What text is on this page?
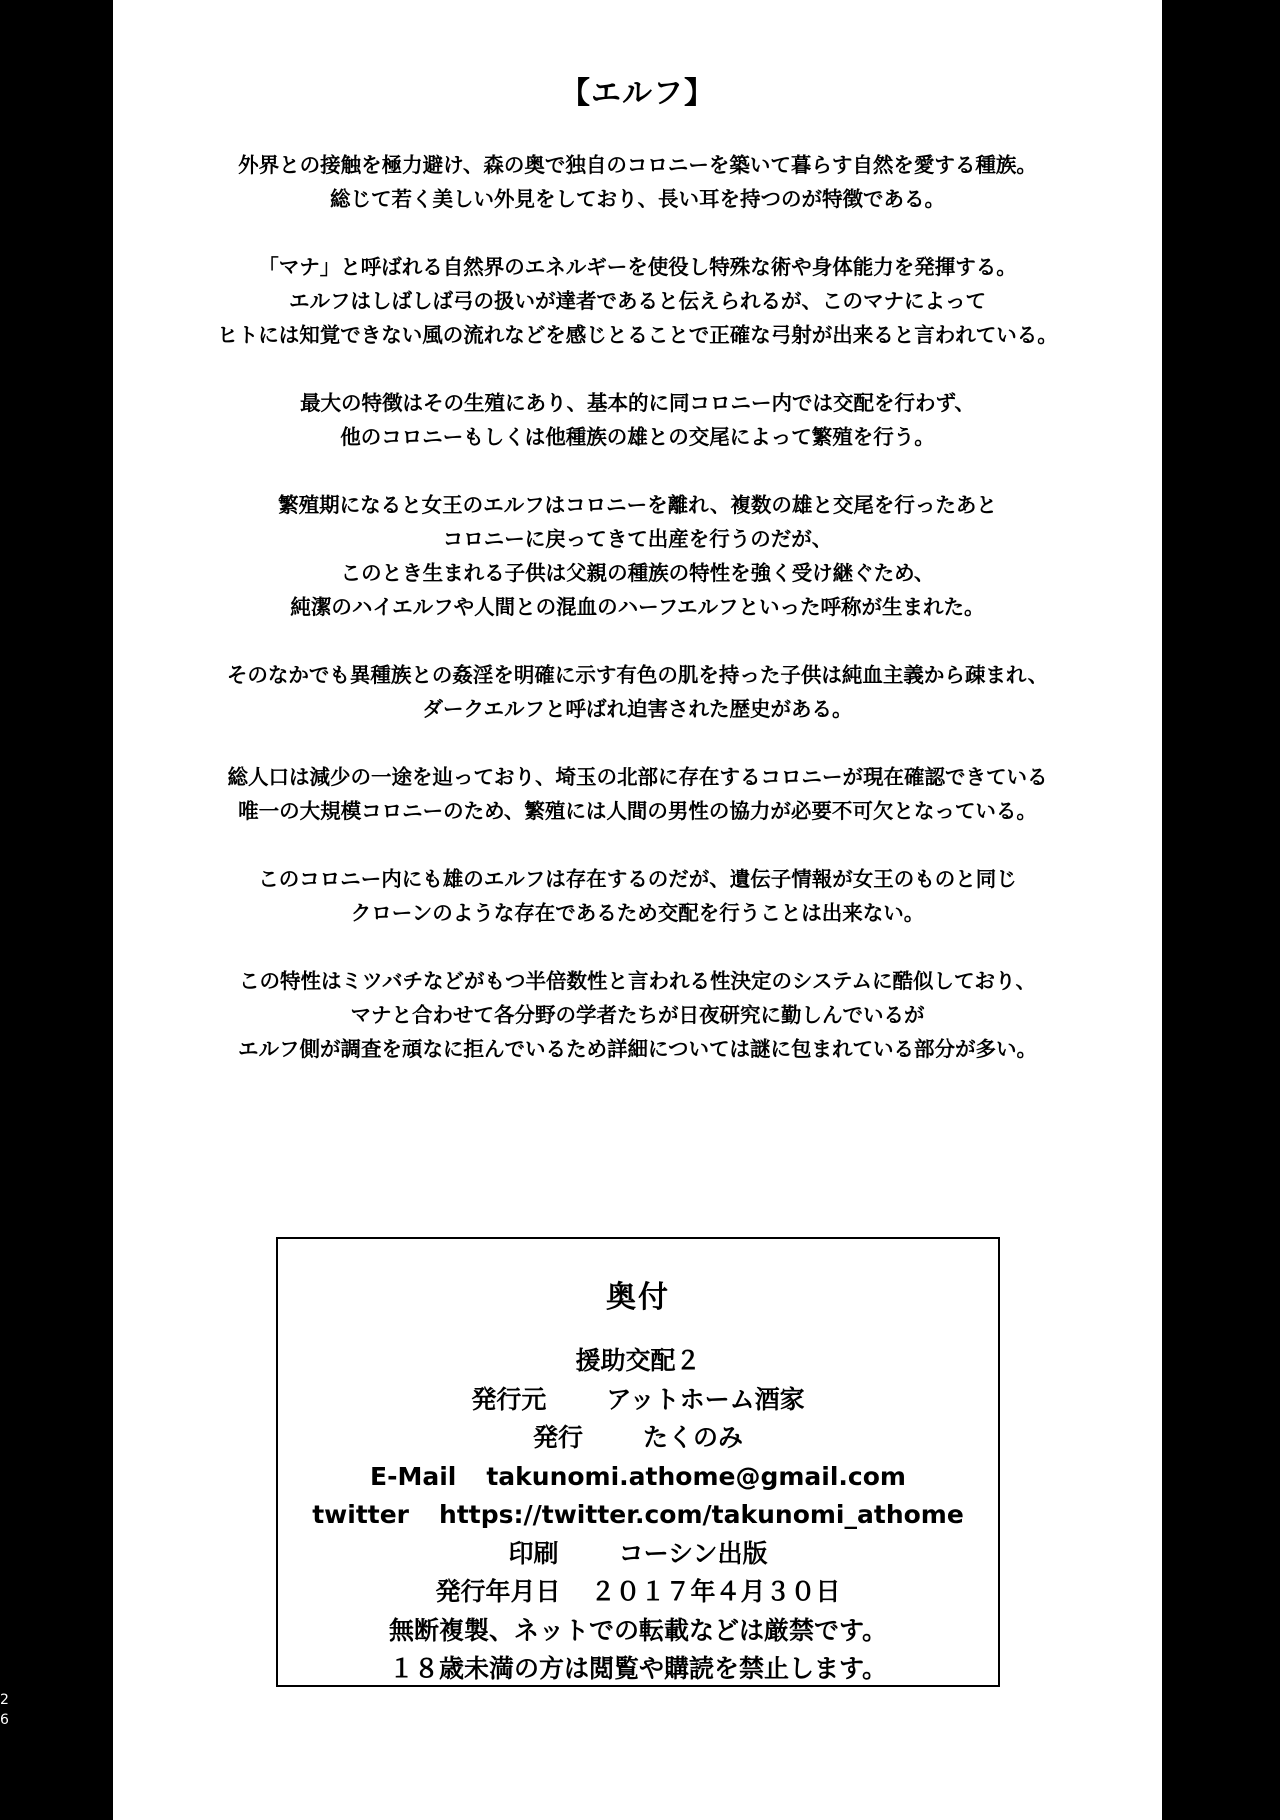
【エルフ】
外界との接触を極力避け、森の奥で独自のコロニーを築いて暮らす自然を愛する種族。
総じて若く美しい外見をしており、長い耳を持つのが特徴である。
「マナ」と呼ばれる自然界のエネルギーを使役し特殊な術や身体能力を発揮する。
エルフはしばしば弓の扱いが達者であると伝えられるが、このマナによって
ヒトには知覚できない風の流れなどを感じとることで正確な弓射が出来ると言われている。
最大の特徴はその生殖にあり、基本的に同コロニー内では交配を行わず、
他のコロニーもしくは他種族の雄との交尾によって繁殖を行う。
繁殖期になると女王のエルフはコロニーを離れ、複数の雄と交尾を行ったあと
コロニーに戻ってきて出産を行うのだが、
このとき生まれる子供は父親の種族の特性を強く受け継ぐため、
純潔のハイエルフや人間との混血のハーフエルフといった呼称が生まれた。
そのなかでも異種族との姦淫を明確に示す有色の肌を持った子供は純血主義から疎まれ、
ダークエルフと呼ばれ迫害された歴史がある。
総人口は減少の一途を辿っており、埼玉の北部に存在するコロニーが現在確認できている
唯一の大規模コロニーのため、繁殖には人間の男性の協力が必要不可欠となっている。
このコロニー内にも雄のエルフは存在するのだが、遺伝子情報が女王のものと同じ
クローンのような存在であるため交配を行うことは出来ない。
この特性はミツバチなどがもつ半倍数性と言われる性決定のシステムに酷似しており、
マナと合わせて各分野の学者たちが日夜研究に勤しんでいるが
エルフ側が調査を頑なに拒んでいるため詳細については謎に包まれている部分が多い。
奥付
援助交配２
発行元 アットホーム酒家
発行 たくのみ
E-Mail takunomi.athome@gmail.com
twitter https://twitter.com/takunomi_athome
印刷 コーシン出版
発行年月日 ２０１７年４月３０日
無断複製、ネットでの転載などは厳禁です。
１８歳未満の方は閲覧や購読を禁止します。
2
6
